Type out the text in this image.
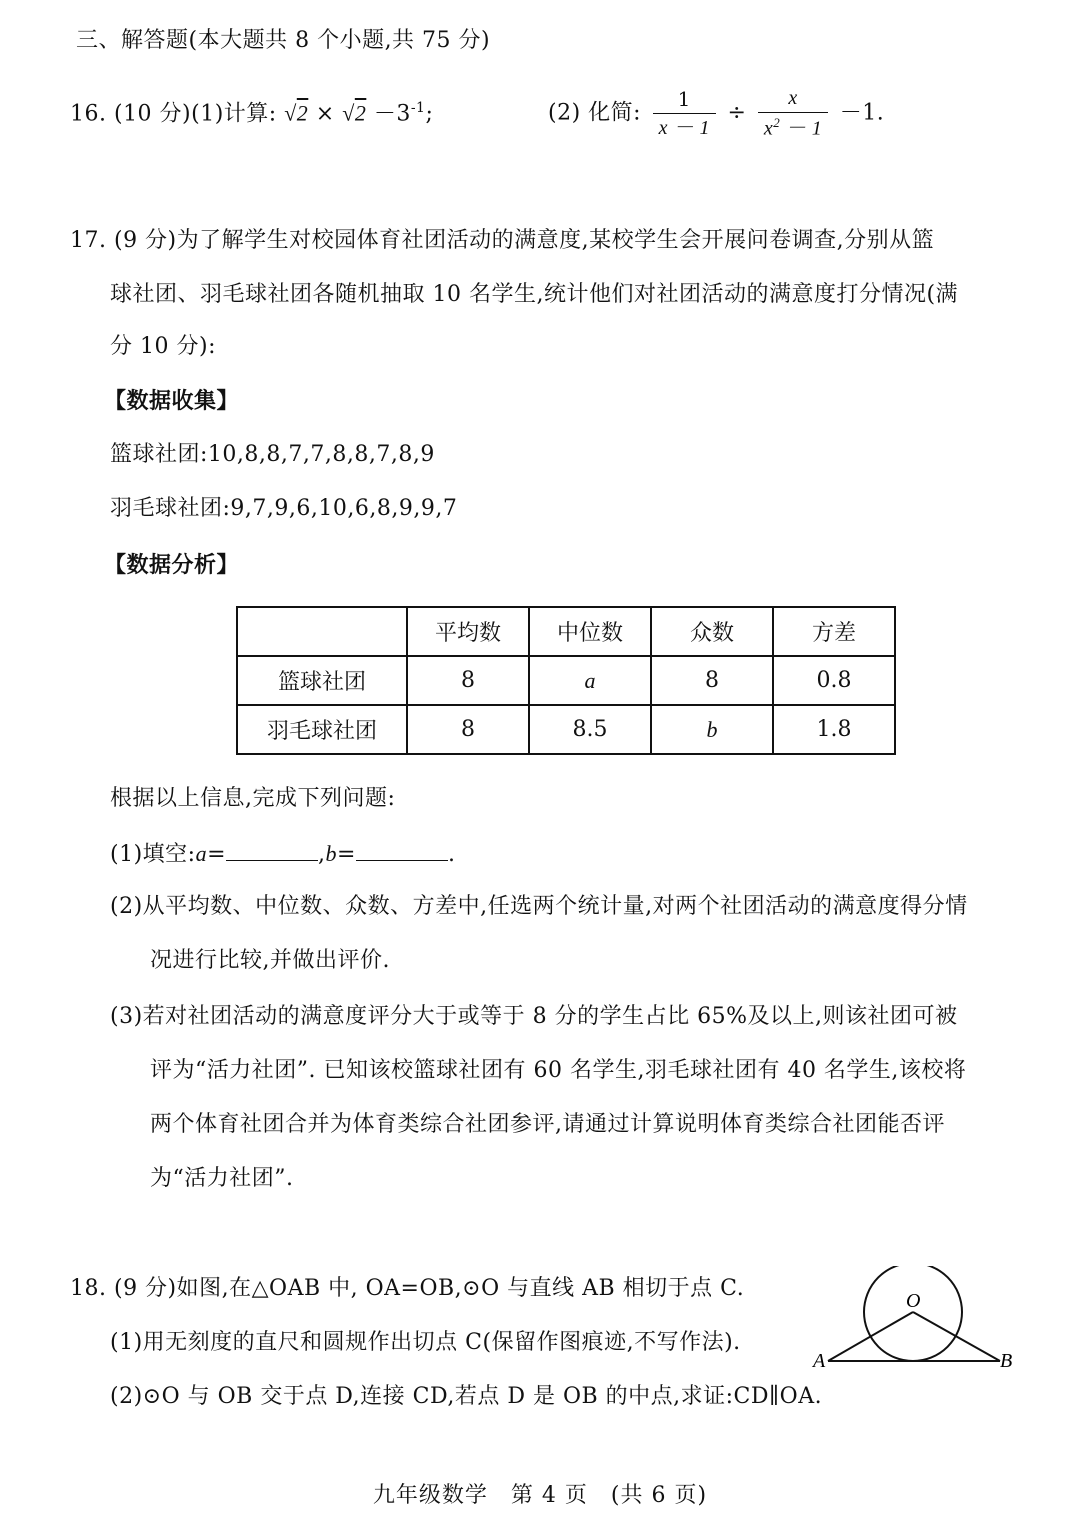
三、解答题(本大题共 8 个小题,共 75 分)
16. (10 分)(1)计算: $√2 \times √2 -3^{-1}$;	(2) 化简: $\frac{1}{x - 1} \div \frac{x}{x^2 - 1} -1$.
17. (9 分)为了解学生对校园体育社团活动的满意度,某校学生会开展问卷调查,分别从篮
球社团、羽毛球社团各随机抽取 10 名学生,统计他们对社团活动的满意度打分情况(满
分 10 分):
【数据收集】
篮球社团:10,8,8,7,7,8,8,7,8,9
羽毛球社团:9,7,9,6,10,6,8,9,9,7
【数据分析】
	平均数	中位数	众数	方差
篮球社团	8	a	8	0.8
羽毛球社团	8	8.5	b	1.8
根据以上信息,完成下列问题:
(1)填空:a=	,b=	.
(2)从平均数、中位数、众数、方差中,任选两个统计量,对两个社团活动的满意度得分情
况进行比较,并做出评价.
(3)若对社团活动的满意度评分大于或等于 8 分的学生占比 65%及以上,则该社团可被
评为“活力社团”. 已知该校篮球社团有 60 名学生,羽毛球社团有 40 名学生,该校将
两个体育社团合并为体育类综合社团参评,请通过计算说明体育类综合社团能否评
为“活力社团”.
18. (9 分)如图,在△OAB 中, OA=OB,⊙O 与直线 AB 相切于点 C.
(1)用无刻度的直尺和圆规作出切点 C(保留作图痕迹,不写作法).
(2)⊙O 与 OB 交于点 D,连接 CD,若点 D 是 OB 的中点,求证:CD∥OA.
O
A	B
九年级数学　第 4 页　(共 6 页)
